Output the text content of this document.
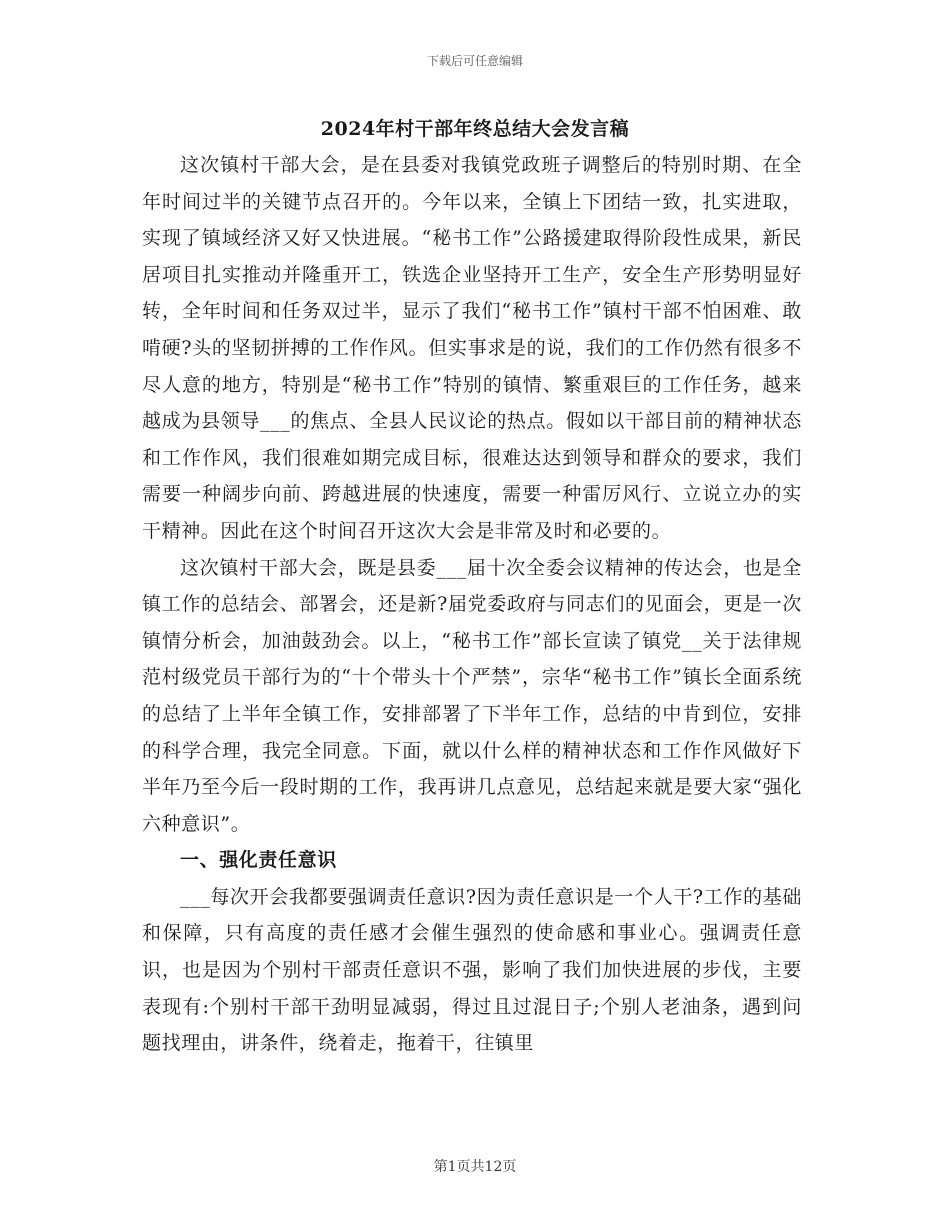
下载后可任意编辑
2024年村干部年终总结大会发言稿

这次镇村干部大会，是在县委对我镇党政班子调整后的特别时期、在全年时间过半的关键节点召开的。今年以来，全镇上下团结一致，扎实进取，实现了镇域经济又好又快进展。“秘书工作”公路援建取得阶段性成果，新民居项目扎实推动并隆重开工，铁选企业坚持开工生产，安全生产形势明显好转，全年时间和任务双过半，显示了我们“秘书工作”镇村干部不怕困难、敢啃硬?头的坚韧拼搏的工作作风。但实事求是的说，我们的工作仍然有很多不尽人意的地方，特别是“秘书工作”特别的镇情、繁重艰巨的工作任务，越来越成为县领导___的焦点、全县人民议论的热点。假如以干部目前的精神状态和工作作风，我们很难如期完成目标，很难达达到领导和群众的要求，我们需要一种阔步向前、跨越进展的快速度，需要一种雷厉风行、立说立办的实干精神。因此在这个时间召开这次大会是非常及时和必要的。

这次镇村干部大会，既是县委___届十次全委会议精神的传达会，也是全镇工作的总结会、部署会，还是新?届党委政府与同志们的见面会，更是一次镇情分析会，加油鼓劲会。以上，“秘书工作”部长宣读了镇党__关于法律规范村级党员干部行为的“十个带头十个严禁”，宗华“秘书工作”镇长全面系统的总结了上半年全镇工作，安排部署了下半年工作，总结的中肯到位，安排的科学合理，我完全同意。下面，就以什么样的精神状态和工作作风做好下半年乃至今后一段时期的工作，我再讲几点意见，总结起来就是要大家“强化六种意识”。

一、强化责任意识

___每次开会我都要强调责任意识?因为责任意识是一个人干?工作的基础和保障，只有高度的责任感才会催生强烈的使命感和事业心。强调责任意识，也是因为个别村干部责任意识不强，影响了我们加快进展的步伐，主要表现有:个别村干部干劲明显减弱，得过且过混日子;个别人老油条，遇到问题找理由，讲条件，绕着走，拖着干，往镇里

第1页共12页
